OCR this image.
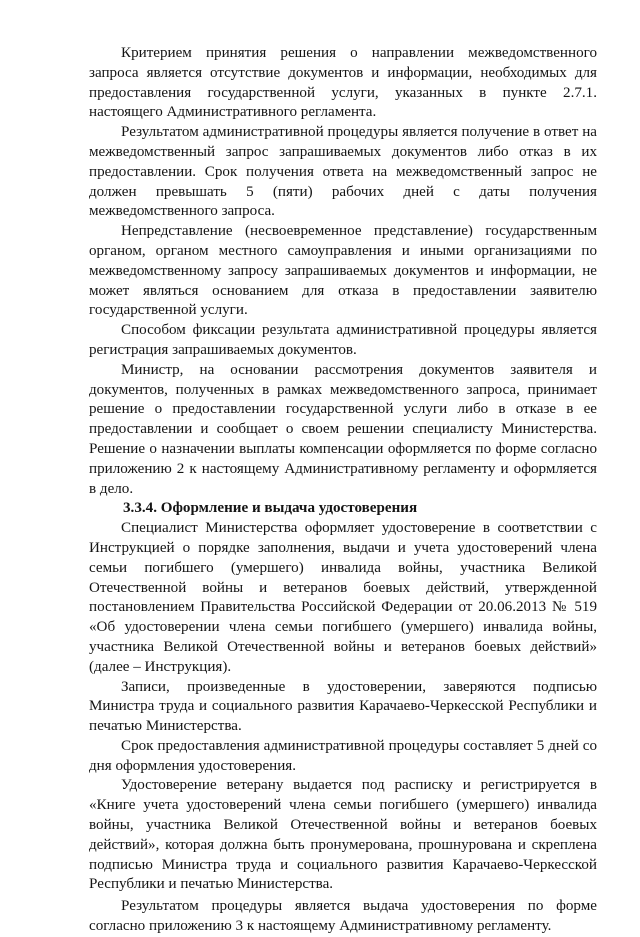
Критерием принятия решения о направлении межведомственного запроса является отсутствие документов и информации, необходимых для предоставления государственной услуги, указанных в пункте 2.7.1. настоящего Административного регламента.

Результатом административной процедуры является получение в ответ на межведомственный запрос запрашиваемых документов либо отказ в их предоставлении. Срок получения ответа на межведомственный запрос не должен превышать 5 (пяти) рабочих дней с даты получения межведомственного запроса.

Непредставление (несвоевременное представление) государственным органом, органом местного самоуправления и иными организациями по межведомственному запросу запрашиваемых документов и информации, не может являться основанием для отказа в предоставлении заявителю государственной услуги.

Способом фиксации результата административной процедуры является регистрация запрашиваемых документов.

Министр, на основании рассмотрения документов заявителя и документов, полученных в рамках межведомственного запроса, принимает решение о предоставлении государственной услуги либо в отказе в ее предоставлении и сообщает о своем решении специалисту Министерства. Решение о назначении выплаты компенсации оформляется по форме согласно приложению 2 к настоящему Административному регламенту и оформляется в дело.

3.3.4. Оформление и выдача удостоверения

Специалист Министерства оформляет удостоверение в соответствии с Инструкцией о порядке заполнения, выдачи и учета удостоверений члена семьи погибшего (умершего) инвалида войны, участника Великой Отечественной войны и ветеранов боевых действий, утвержденной постановлением Правительства Российской Федерации от 20.06.2013 № 519 «Об удостоверении члена семьи погибшего (умершего) инвалида войны, участника Великой Отечественной войны и ветеранов боевых действий» (далее – Инструкция).

Записи, произведенные в удостоверении, заверяются подписью Министра труда и социального развития Карачаево-Черкесской Республики и печатью Министерства.

Срок предоставления административной процедуры составляет 5 дней со дня оформления удостоверения.

Удостоверение ветерану выдается под расписку и регистрируется в «Книге учета удостоверений члена семьи погибшего (умершего) инвалида войны, участника Великой Отечественной войны и ветеранов боевых действий», которая должна быть пронумерована, прошнурована и скреплена подписью Министра труда и социального развития Карачаево-Черкесской Республики и печатью Министерства.

Результатом процедуры является выдача удостоверения по форме согласно приложению 3 к настоящему Административному регламенту.
